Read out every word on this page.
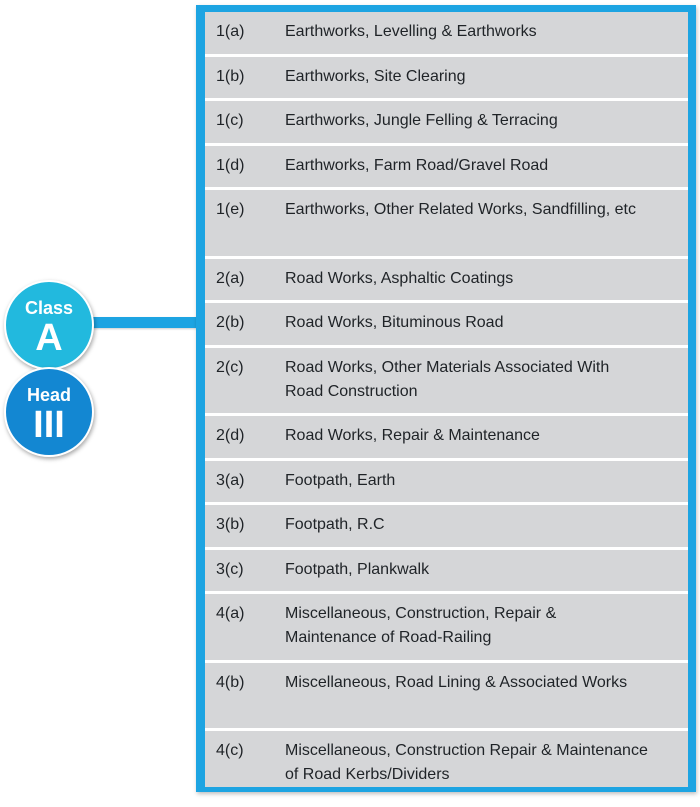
Class
A
Head
III
1(a)	Earthworks, Levelling & Earthworks
1(b)	Earthworks, Site Clearing
1(c)	Earthworks, Jungle Felling & Terracing
1(d)	Earthworks, Farm Road/Gravel Road
1(e)	Earthworks, Other Related Works, Sandfilling, etc
2(a)	Road Works, Asphaltic Coatings
2(b)	Road Works, Bituminous Road
2(c)	Road Works, Other Materials Associated With Road Construction
2(d)	Road Works, Repair & Maintenance
3(a)	Footpath, Earth
3(b)	Footpath, R.C
3(c)	Footpath, Plankwalk
4(a)	Miscellaneous, Construction, Repair & Maintenance of Road-Railing
4(b)	Miscellaneous, Road Lining & Associated Works
4(c)	Miscellaneous, Construction Repair & Maintenance of Road Kerbs/Dividers
